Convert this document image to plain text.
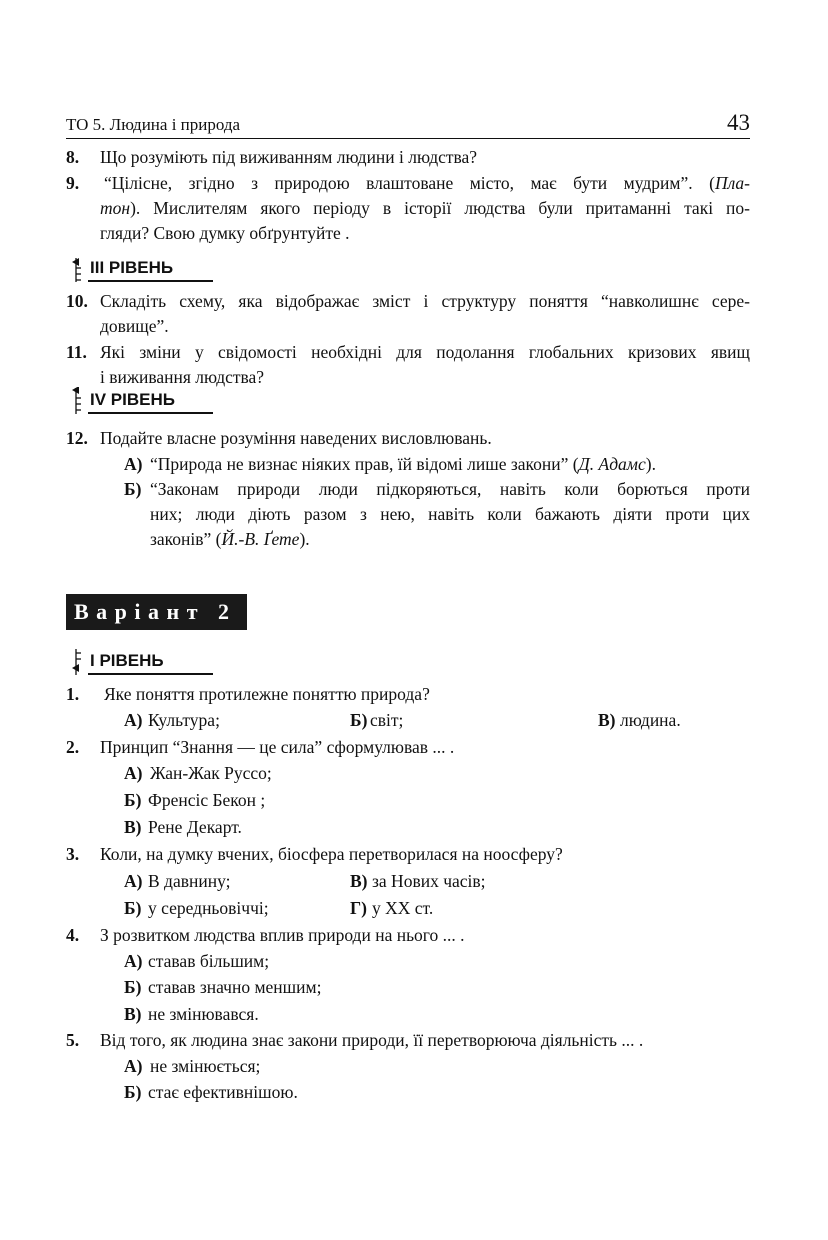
ТО 5. Людина і природа	43
8. Що розуміють під виживанням людини і людства?
9. “Цілісне, згідно з природою влаштоване місто, має бути мудрим”. (Пла-
тон). Мислителям якого періоду в історії людства були притаманні такі по-
гляди? Свою думку обґрунтуйте .
ІІІ РІВЕНЬ
10. Складіть схему, яка відображає зміст і структуру поняття “навколишнє сере-
довище”.
11. Які зміни у свідомості необхідні для подолання глобальних кризових явищ
і виживання людства?
ІV РІВЕНЬ
12. Подайте власне розуміння наведених висловлювань.
А) “Природа не визнає ніяких прав, їй відомі лише закони” (Д. Адамс).
Б) “Законам природи люди підкоряються, навіть коли борються проти
них; люди діють разом з нею, навіть коли бажають діяти проти цих
законів” (Й.-В. Ґете).
Варіант 2
І РІВЕНЬ
1. Яке поняття протилежне поняттю природа?
А) Культура;	Б) світ;	В) людина.
2. Принцип “Знання — це сила” сформулював ... .
А) Жан-Жак Руссо;
Б) Френсіс Бекон ;
В) Рене Декарт.
3. Коли, на думку вчених, біосфера перетворилася на ноосферу?
А) В давнину;	В) за Нових часів;
Б) у середньовіччі;	Г) у ХХ ст.
4. З розвитком людства вплив природи на нього ... .
А) ставав більшим;
Б) ставав значно меншим;
В) не змінювався.
5. Від того, як людина знає закони природи, її перетворююча діяльність ... .
А) не змінюється;
Б) стає ефективнішою.
